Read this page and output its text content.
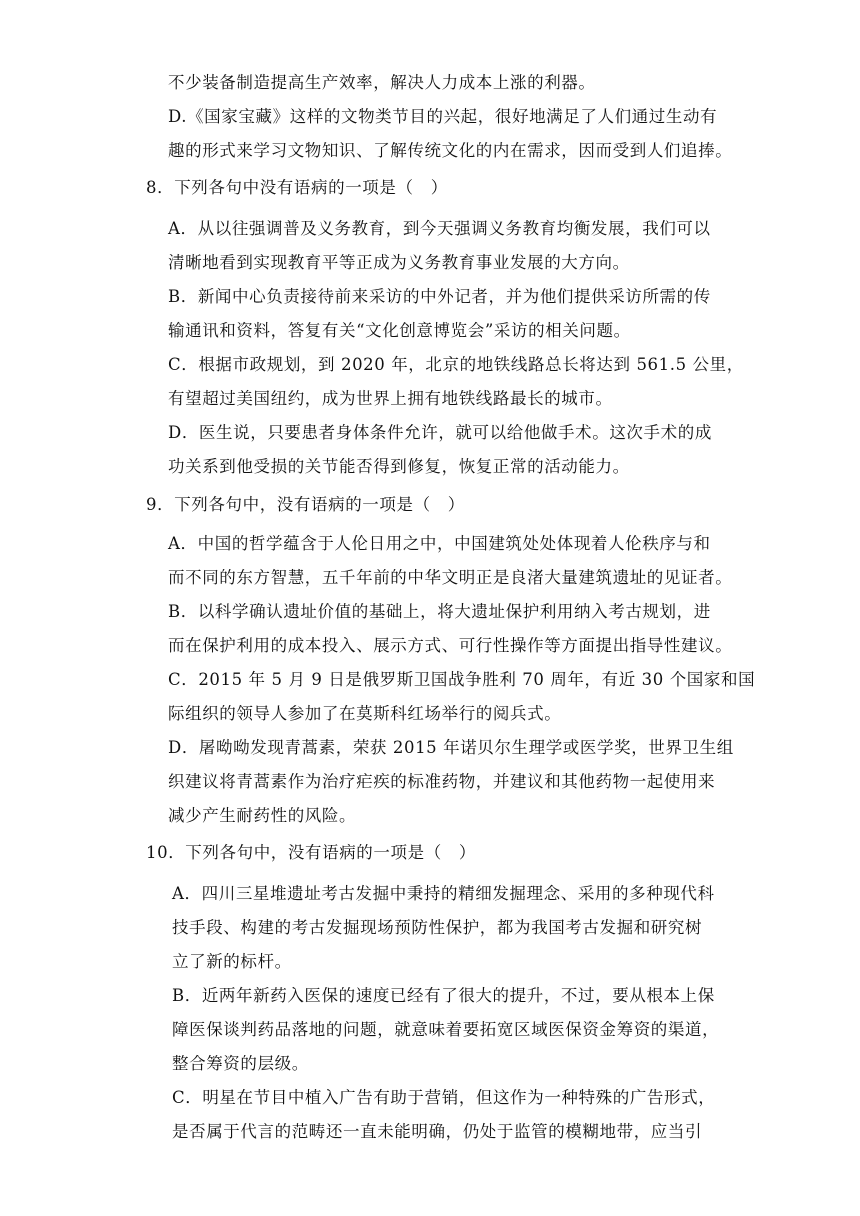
不少装备制造提高生产效率，解决人力成本上涨的利器。
D.《国家宝藏》这样的文物类节目的兴起，很好地满足了人们通过生动有
趣的形式来学习文物知识、了解传统文化的内在需求，因而受到人们追捧。
8．下列各句中没有语病的一项是（　）
A．从以往强调普及义务教育，到今天强调义务教育均衡发展，我们可以
清晰地看到实现教育平等正成为义务教育事业发展的大方向。
B．新闻中心负责接待前来采访的中外记者，并为他们提供采访所需的传
输通讯和资料，答复有关“文化创意博览会”采访的相关问题。
C．根据市政规划，到 2020 年，北京的地铁线路总长将达到 561.5 公里，
有望超过美国纽约，成为世界上拥有地铁线路最长的城市。
D．医生说，只要患者身体条件允许，就可以给他做手术。这次手术的成
功关系到他受损的关节能否得到修复，恢复正常的活动能力。
9．下列各句中，没有语病的一项是（　）
A．中国的哲学蕴含于人伦日用之中，中国建筑处处体现着人伦秩序与和
而不同的东方智慧，五千年前的中华文明正是良渚大量建筑遗址的见证者。
B．以科学确认遗址价值的基础上，将大遗址保护利用纳入考古规划，进
而在保护利用的成本投入、展示方式、可行性操作等方面提出指导性建议。
C．2015 年 5 月 9 日是俄罗斯卫国战争胜利 70 周年，有近 30 个国家和国
际组织的领导人参加了在莫斯科红场举行的阅兵式。
D．屠呦呦发现青蒿素，荣获 2015 年诺贝尔生理学或医学奖，世界卫生组
织建议将青蒿素作为治疗疟疾的标准药物，并建议和其他药物一起使用来
减少产生耐药性的风险。
10．下列各句中，没有语病的一项是（　）
A．四川三星堆遗址考古发掘中秉持的精细发掘理念、采用的多种现代科
技手段、构建的考古发掘现场预防性保护，都为我国考古发掘和研究树
立了新的标杆。
B．近两年新药入医保的速度已经有了很大的提升，不过，要从根本上保
障医保谈判药品落地的问题，就意味着要拓宽区域医保资金筹资的渠道，
整合筹资的层级。
C．明星在节目中植入广告有助于营销，但这作为一种特殊的广告形式，
是否属于代言的范畴还一直未能明确，仍处于监管的模糊地带，应当引
